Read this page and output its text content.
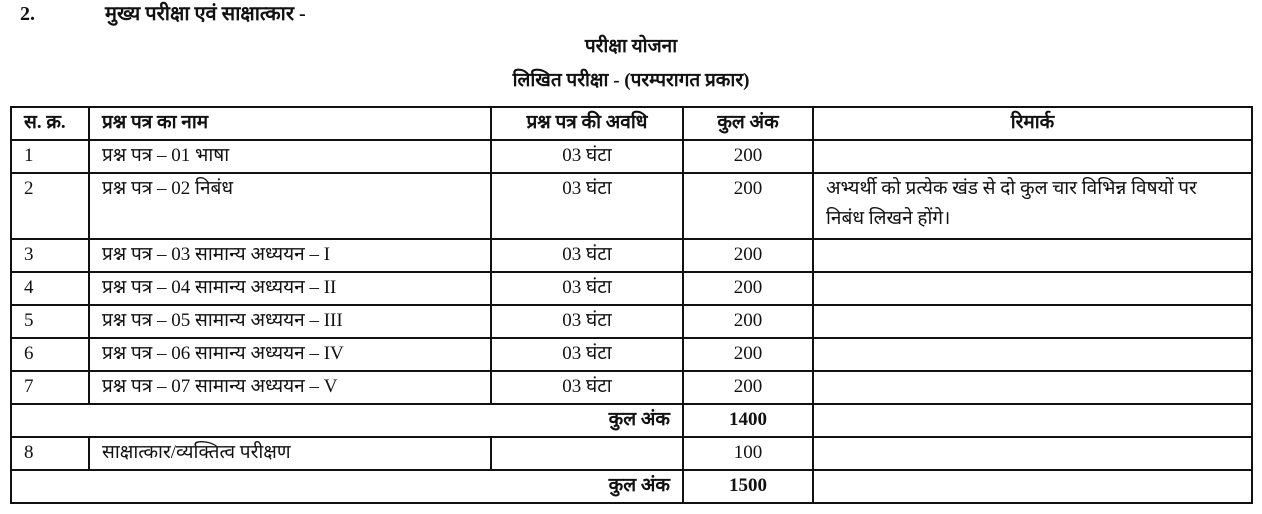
2.	मुख्य परीक्षा एवं साक्षात्कार -
परीक्षा योजना
लिखित परीक्षा - (परम्परागत प्रकार)
स. क्र.	प्रश्न पत्र का नाम	प्रश्न पत्र की अवधि	कुल अंक	रिमार्क
1	प्रश्न पत्र – 01 भाषा	03 घंटा	200	
2	प्रश्न पत्र – 02 निबंध	03 घंटा	200	अभ्यर्थी को प्रत्येक खंड से दो कुल चार विभिन्न विषयों पर निबंध लिखने होंगे।
3	प्रश्न पत्र – 03 सामान्य अध्ययन – I	03 घंटा	200	
4	प्रश्न पत्र – 04 सामान्य अध्ययन – II	03 घंटा	200	
5	प्रश्न पत्र – 05 सामान्य अध्ययन – III	03 घंटा	200	
6	प्रश्न पत्र – 06 सामान्य अध्ययन – IV	03 घंटा	200	
7	प्रश्न पत्र – 07 सामान्य अध्ययन – V	03 घंटा	200	
कुल अंक			1400	
8	साक्षात्कार/व्यक्तित्व परीक्षण		100	
कुल अंक			1500	
